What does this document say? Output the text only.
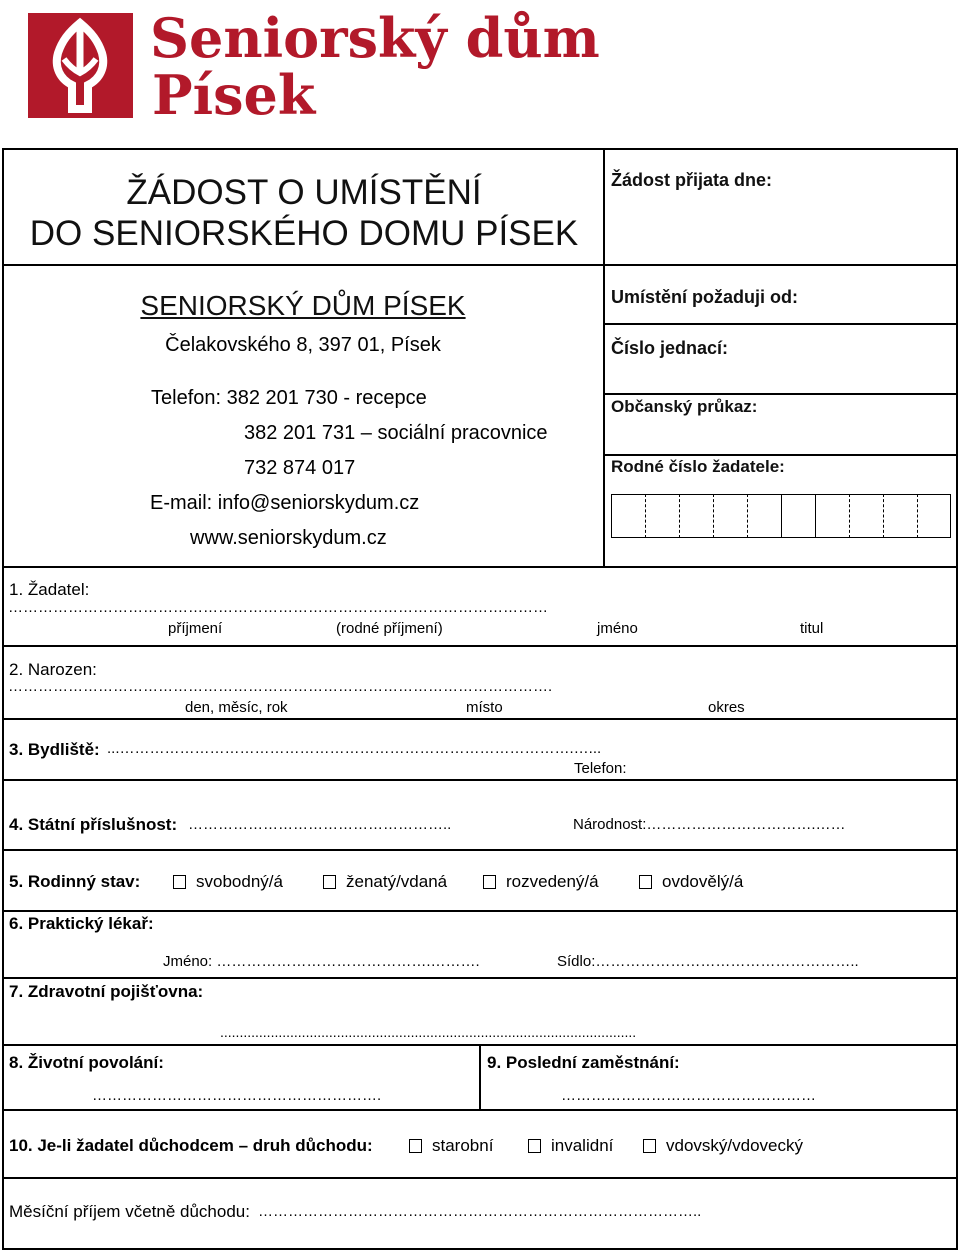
Seniorský dům
Písek
ŽÁDOST O UMÍSTĚNÍ
DO SENIORSKÉHO DOMU PÍSEK
Žádost přijata dne:
SENIORSKÝ DŮM PÍSEK
Čelakovského 8, 397 01, Písek
Telefon: 382 201 730 - recepce
382 201 731 – sociální pracovnice
732 874 017
E-mail: info@seniorskydum.cz
www.seniorskydum.cz
Umístění požaduji od:
Číslo jednací:
Občanský průkaz:
Rodné číslo žadatele:
1. Žadatel:
………………………………………………………………………………………………
příjmení	(rodné příjmení)	jméno	titul
2. Narozen:
……………………………………………………………………………………………….
den, měsíc, rok	místo	okres
3. Bydliště: ...……………………………………………………………………………….…...
Telefon:
4. Státní příslušnost: ……………………………………………..	Národnost:…………………………….……
5. Rodinný stav:	svobodný/á	ženatý/vdaná	rozvedený/á	ovdovělý/á
6. Praktický lékař:
Jméno: …………………………………….……….	Sídlo:……………………………………………..
7. Zdravotní pojišťovna:
...........................................................................................................
8. Životní povolání:
………………………………………………….
9. Poslední zaměstnání:
……………………………………………
10. Je-li žadatel důchodcem – druh důchodu:	starobní	invalidní	vdovský/vdovecký
Měsíční příjem včetně důchodu: ……………………………………………………………………………..
